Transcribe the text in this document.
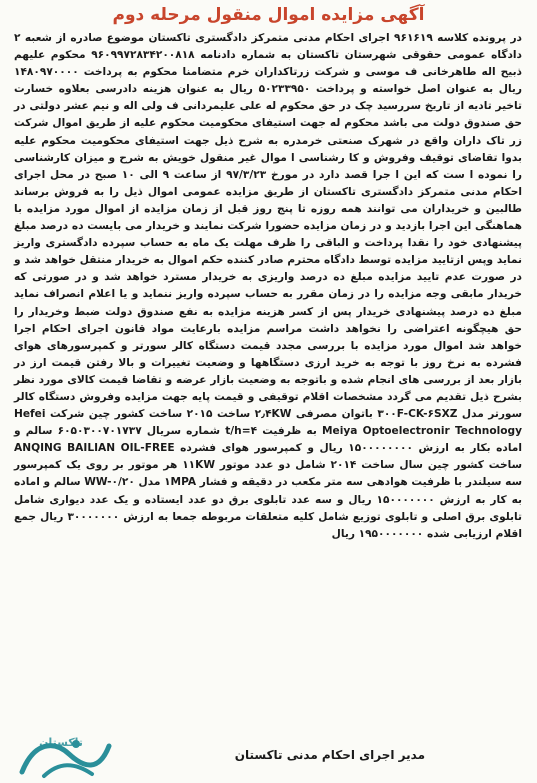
آگهی مزایده اموال منقول مرحله دوم
در پرونده کلاسه ۹۶۱۶۱۹ اجرای احکام مدنی متمرکز دادگستری تاکستان موضوع صادره از شعبه ۲ دادگاه عمومی حقوقی شهرستان تاکستان به شماره دادنامه ۹۶۰۹۹۷۲۸۳۴۲۰۰۸۱۸ محکوم علیهم ذبیح اله طاهرخانی ف موسی و شرکت زرتاکداران خرم متضامنا محکوم به پرداخت ۱۴۸۰۹۷۰۰۰۰ ریال به عنوان اصل خواسته و پرداخت ۵۰۲۳۳۹۵۰ ریال به عنوان هزینه دادرسی بعلاوه خسارت تاخیر تادیه از تاریخ سررسید چک در حق محکوم له علی علیمردانی ف ولی اله و نیم عشر دولتی در حق صندوق دولت می باشد محکوم له جهت استیفای محکومیت محکوم علیه از طریق اموال شرکت زر تاک داران واقع در شهرک صنعتی خرمدره به شرح ذیل جهت استیفای محکومیت محکوم علیه بدوا تقاضای توقیف وفروش و کا رشناسی ا موال غیر منقول خویش به شرح و میزان کارشناسی را نموده ا ست که این ا جرا قصد دارد در مورخ ۹۷/۳/۲۳ از ساعت ۹ الی ۱۰ صبح در محل اجرای احکام مدنی متمرکز دادگستری تاکستان از طریق مزایده عمومی اموال ذیل را به فروش برساند طالبین و خریداران می توانند همه روزه تا پنج روز قبل از زمان مزایده از اموال مورد مزایده با هماهنگی این اجرا بازدید و در زمان مزایده حضورا شرکت نمایند و خریدار می بایست ده درصد مبلغ پیشنهادی خود را نقدا پرداخت و الباقی را ظرف مهلت یک ماه به حساب سپرده دادگستری واریز نماید وپس ازتایید مزایده توسط دادگاه محترم صادر کننده حکم اموال به خریدار منتقل خواهد شد و در صورت عدم تایید مزایده مبلغ ده درصد واریزی به خریدار مسترد خواهد شد و در صورتی که خریدار مابقی وجه مزایده را در زمان مقرر به حساب سپرده واریز ننماید و یا اعلام انصراف نماید مبلغ ده درصد پیشنهادی خریدار پس از کسر هزینه مزایده به نفع صندوق دولت ضبط وخریدار را حق هیچگونه اعتراضی را نخواهد داشت مراسم مزایده بارعایت مواد قانون اجرای احکام اجرا خواهد شد اموال مورد مزایده با بررسی مجدد قیمت دستگاه کالر سورتر و کمپرسورهای هوای فشرده به نرخ روز با توجه به خرید ارزی دستگاهها و وضعیت تغییرات و بالا رفتن قیمت ارز در بازار بعد از بررسی های انجام شده و باتوجه به وضعیت بازار عرضه و تقاضا قیمت کالای مورد نظر بشرح ذیل تقدیم می گردد مشخصات اقلام توقیفی و قیمت پایه جهت مزایده وفروش دستگاه کالر سورتر مدل ۳۰۰F-CK-۶SXZ باتوان مصرفی ۲٫۴KW ساخت ۲۰۱۵ ساخت کشور چین شرکت Hefei Meiya Optoelectronir Technology به ظرفیت ۴=t/h شماره سریال ۶۰۵۰۳۰۰۷۰۱۷۳۷ سالم و اماده بکار به ارزش ۱۵۰۰۰۰۰۰۰۰ ریال و کمپرسور هوای فشرده ANQING BAILIAN OIL-FREE ساخت کشور چین سال ساخت ۲۰۱۴ شامل دو عدد موتور ۱۱KW هر موتور بر روی یک کمپرسور سه سیلندر با ظرفیت هوادهی سه متر مکعب در دقیقه و فشار ۱MPA مدل WW-۰/۲۰ سالم و اماده به کار به ارزش ۱۵۰۰۰۰۰۰۰ ریال و سه عدد تابلوی برق دو عدد ایستاده و یک عدد دیواری شامل تابلوی برق اصلی و تابلوی توزیع شامل کلیه متعلقات مربوطه جمعا به ارزش ۳۰۰۰۰۰۰۰ ریال جمع اقلام ارزیابی شده ۱۹۵۰۰۰۰۰۰۰ ریال
مدیر اجرای احکام مدنی تاکستان
تاکستان
